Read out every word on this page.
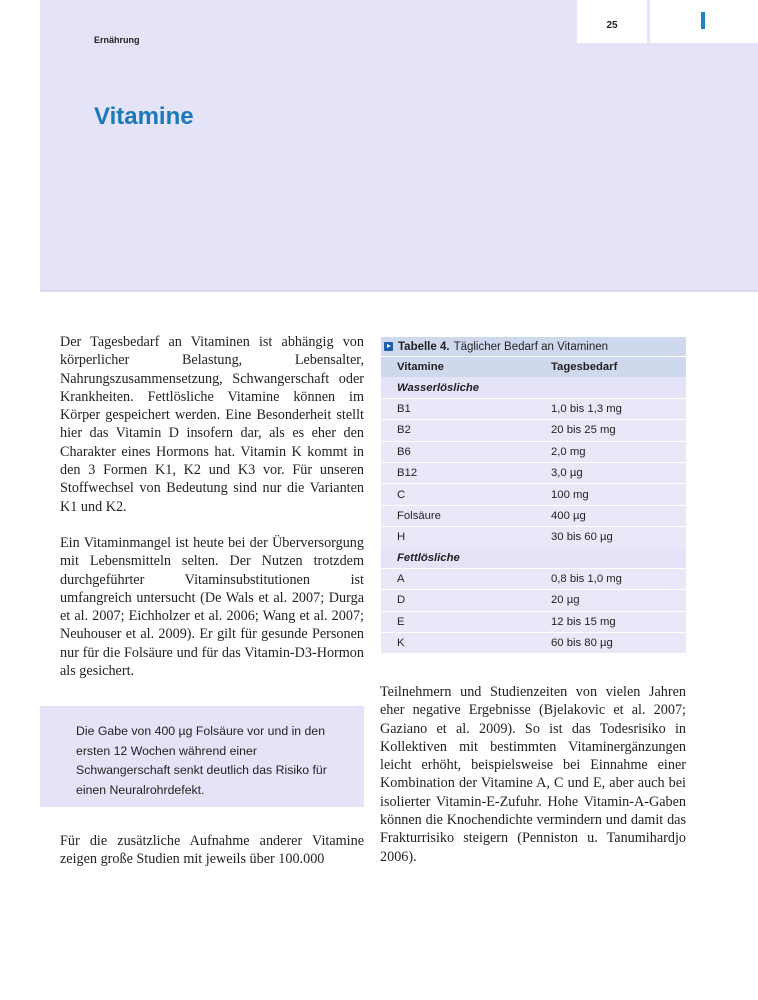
25
Ernährung
Vitamine

Der Tagesbedarf an Vitaminen ist abhängig von körperlicher Belastung, Lebensalter, Nahrungszusammensetzung, Schwangerschaft oder Krankheiten. Fettlösliche Vitamine können im Körper gespeichert werden. Eine Besonderheit stellt hier das Vitamin D insofern dar, als es eher den Charakter eines Hormons hat. Vitamin K kommt in den 3 Formen K1, K2 und K3 vor. Für unseren Stoffwechsel von Bedeutung sind nur die Varianten K1 und K2.

Ein Vitaminmangel ist heute bei der Überversorgung mit Lebensmitteln selten. Der Nutzen trotzdem durchgeführter Vitaminsubstitutionen ist umfangreich untersucht (De Wals et al. 2007; Durga et al. 2007; Eichholzer et al. 2006; Wang et al. 2007; Neuhouser et al. 2009). Er gilt für gesunde Personen nur für die Folsäure und für das Vitamin-D3-Hormon als gesichert.

Die Gabe von 400 µg Folsäure vor und in den ersten 12 Wochen während einer Schwangerschaft senkt deutlich das Risiko für einen Neuralrohrdefekt.

Für die zusätzliche Aufnahme anderer Vitamine zeigen große Studien mit jeweils über 100.000

Tabelle 4. Täglicher Bedarf an Vitaminen
Vitamine	Tagesbedarf
Wasserlösliche	
B1	1,0 bis 1,3 mg
B2	20 bis 25 mg
B6	2,0 mg
B12	3,0 µg
C	100 mg
Folsäure	400 µg
H	30 bis 60 µg
Fettlösliche	
A	0,8 bis 1,0 mg
D	20 µg
E	12 bis 15 mg
K	60 bis 80 µg

Teilnehmern und Studienzeiten von vielen Jahren eher negative Ergebnisse (Bjelakovic et al. 2007; Gaziano et al. 2009). So ist das Todesrisiko in Kollektiven mit bestimmten Vitaminergänzungen leicht erhöht, beispielsweise bei Einnahme einer Kombination der Vitamine A, C und E, aber auch bei isolierter Vitamin-E-Zufuhr. Hohe Vitamin-A-Gaben können die Knochendichte vermindern und damit das Frakturrisiko steigern (Penniston u. Tanumihardjo 2006).
